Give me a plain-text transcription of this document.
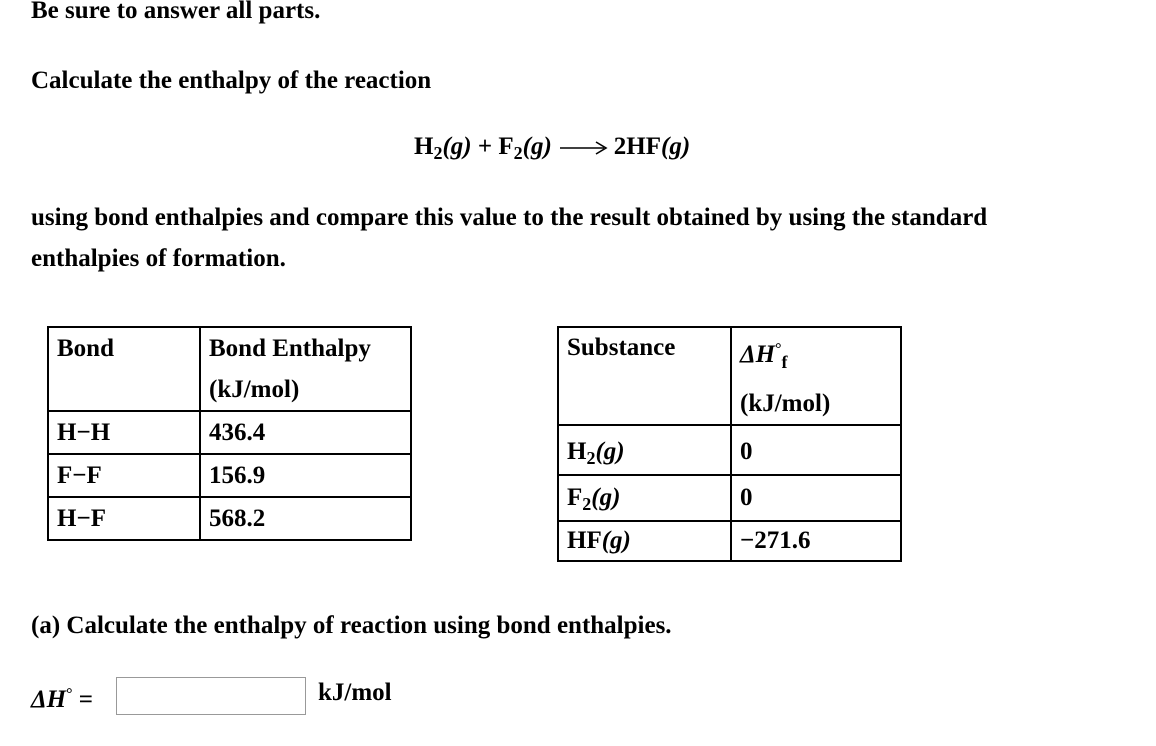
Be sure to answer all parts.
Calculate the enthalpy of the reaction
$H_2(g) + F_2(g) \to 2HF(g)$
using bond enthalpies and compare this value to the result obtained by using the standard
enthalpies of formation.
Bond	Bond Enthalpy
(kJ/mol)

H−H	436.4
F−F	156.9
H−F	568.2
Substance	$\Delta H^\circ_f$
(kJ/mol)

$H_2(g)$	0
$F_2(g)$	0
HF(g)	−271.6
(a) Calculate the enthalpy of reaction using bond enthalpies.
ΔH° =	kJ/mol
